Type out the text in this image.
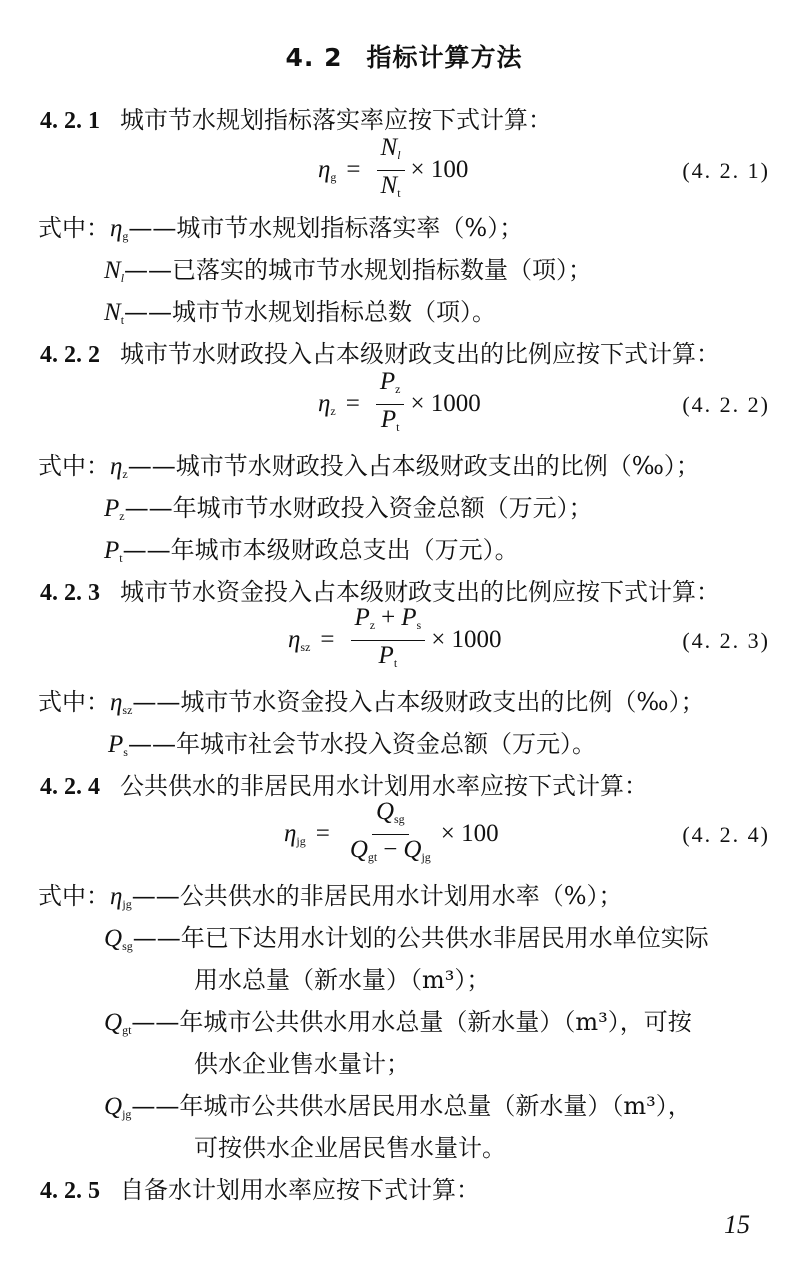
4. 2 指标计算方法
4. 2. 1 城市节水规划指标落实率应按下式计算：
$\eta_g = \frac{N_l}{N_t} \times 100$	(4. 2. 1)
式中：$\eta_g——$城市节水规划指标落实率（%）；
$N_l——$已落实的城市节水规划指标数量（项）；
$N_t——$城市节水规划指标总数（项）。
4. 2. 2 城市节水财政投入占本级财政支出的比例应按下式计算：
$\eta_z = \frac{P_z}{P_t} \times 1000$	(4. 2. 2)
式中：$\eta_z——$城市节水财政投入占本级财政支出的比例（‰）；
$P_z——$年城市节水财政投入资金总额（万元）；
$P_t——$年城市本级财政总支出（万元）。
4. 2. 3 城市节水资金投入占本级财政支出的比例应按下式计算：
$\eta_{sz} = \frac{P_z + P_s}{P_t} \times 1000$	(4. 2. 3)
式中：$\eta_{sz}——$城市节水资金投入占本级财政支出的比例（‰）；
$P_s——$年城市社会节水投入资金总额（万元）。
4. 2. 4 公共供水的非居民用水计划用水率应按下式计算：
$\eta_{jg} = \frac{Q_{sg}}{Q_{gt} - Q_{jg}} \times 100$	(4. 2. 4)
式中：$\eta_{jg}——$公共供水的非居民用水计划用水率（%）；
$Q_{sg}——$年已下达用水计划的公共供水非居民用水单位实际
用水总量（新水量）（m³）；
$Q_{gt}——$年城市公共供水用水总量（新水量）（m³），可按
供水企业售水量计；
$Q_{jg}——$年城市公共供水居民用水总量（新水量）（m³），
可按供水企业居民售水量计。
4. 2. 5 自备水计划用水率应按下式计算：
15
